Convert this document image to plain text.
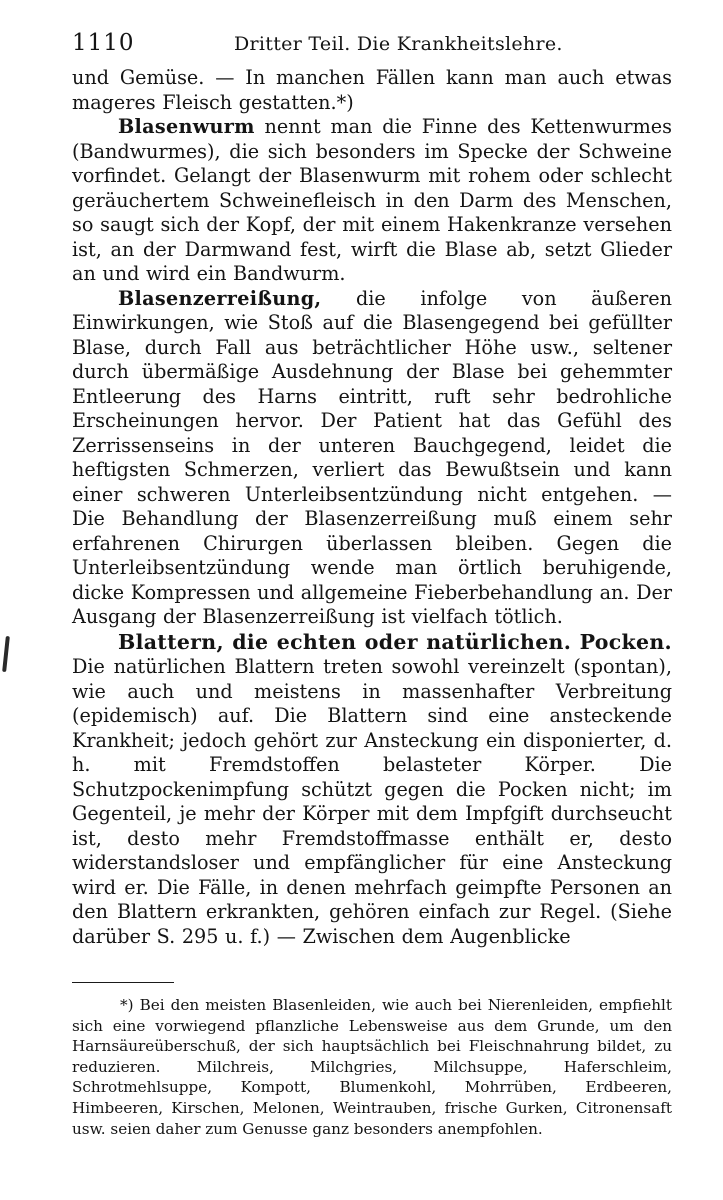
1110	Dritter Teil. Die Krankheitslehre.

und Gemüse. — In manchen Fällen kann man auch etwas mageres Fleisch gestatten.*)

Blasenwurm nennt man die Finne des Kettenwurmes (Bandwurmes), die sich besonders im Specke der Schweine vorfindet. Gelangt der Blasenwurm mit rohem oder schlecht geräuchertem Schweinefleisch in den Darm des Menschen, so saugt sich der Kopf, der mit einem Hakenkranze versehen ist, an der Darmwand fest, wirft die Blase ab, setzt Glieder an und wird ein Bandwurm.

Blasenzerreißung, die infolge von äußeren Einwirkungen, wie Stoß auf die Blasengegend bei gefüllter Blase, durch Fall aus beträchtlicher Höhe usw., seltener durch übermäßige Ausdehnung der Blase bei gehemmter Entleerung des Harns eintritt, ruft sehr bedrohliche Erscheinungen hervor. Der Patient hat das Gefühl des Zerrissenseins in der unteren Bauchgegend, leidet die heftigsten Schmerzen, verliert das Bewußtsein und kann einer schweren Unterleibsentzündung nicht entgehen. — Die Behandlung der Blasenzerreißung muß einem sehr erfahrenen Chirurgen überlassen bleiben. Gegen die Unterleibsentzündung wende man örtlich beruhigende, dicke Kompressen und allgemeine Fieberbehandlung an. Der Ausgang der Blasenzerreißung ist vielfach tötlich.

Blattern, die echten oder natürlichen. Pocken. Die natürlichen Blattern treten sowohl vereinzelt (spontan), wie auch und meistens in massenhafter Verbreitung (epidemisch) auf. Die Blattern sind eine ansteckende Krankheit; jedoch gehört zur Ansteckung ein disponierter, d. h. mit Fremdstoffen belasteter Körper. Die Schutzpockenimpfung schützt gegen die Pocken nicht; im Gegenteil, je mehr der Körper mit dem Impfgift durchseucht ist, desto mehr Fremdstoffmasse enthält er, desto widerstandsloser und empfänglicher für eine Ansteckung wird er. Die Fälle, in denen mehrfach geimpfte Personen an den Blattern erkrankten, gehören einfach zur Regel. (Siehe darüber S. 295 u. f.) — Zwischen dem Augenblicke

*) Bei den meisten Blasenleiden, wie auch bei Nierenleiden, empfiehlt sich eine vorwiegend pflanzliche Lebensweise aus dem Grunde, um den Harnsäureüberschuß, der sich hauptsächlich bei Fleischnahrung bildet, zu reduzieren. Milchreis, Milchgries, Milchsuppe, Haferschleim, Schrotmehlsuppe, Kompott, Blumenkohl, Mohrrüben, Erdbeeren, Himbeeren, Kirschen, Melonen, Weintrauben, frische Gurken, Citronensaft usw. seien daher zum Genusse ganz besonders anempfohlen.
